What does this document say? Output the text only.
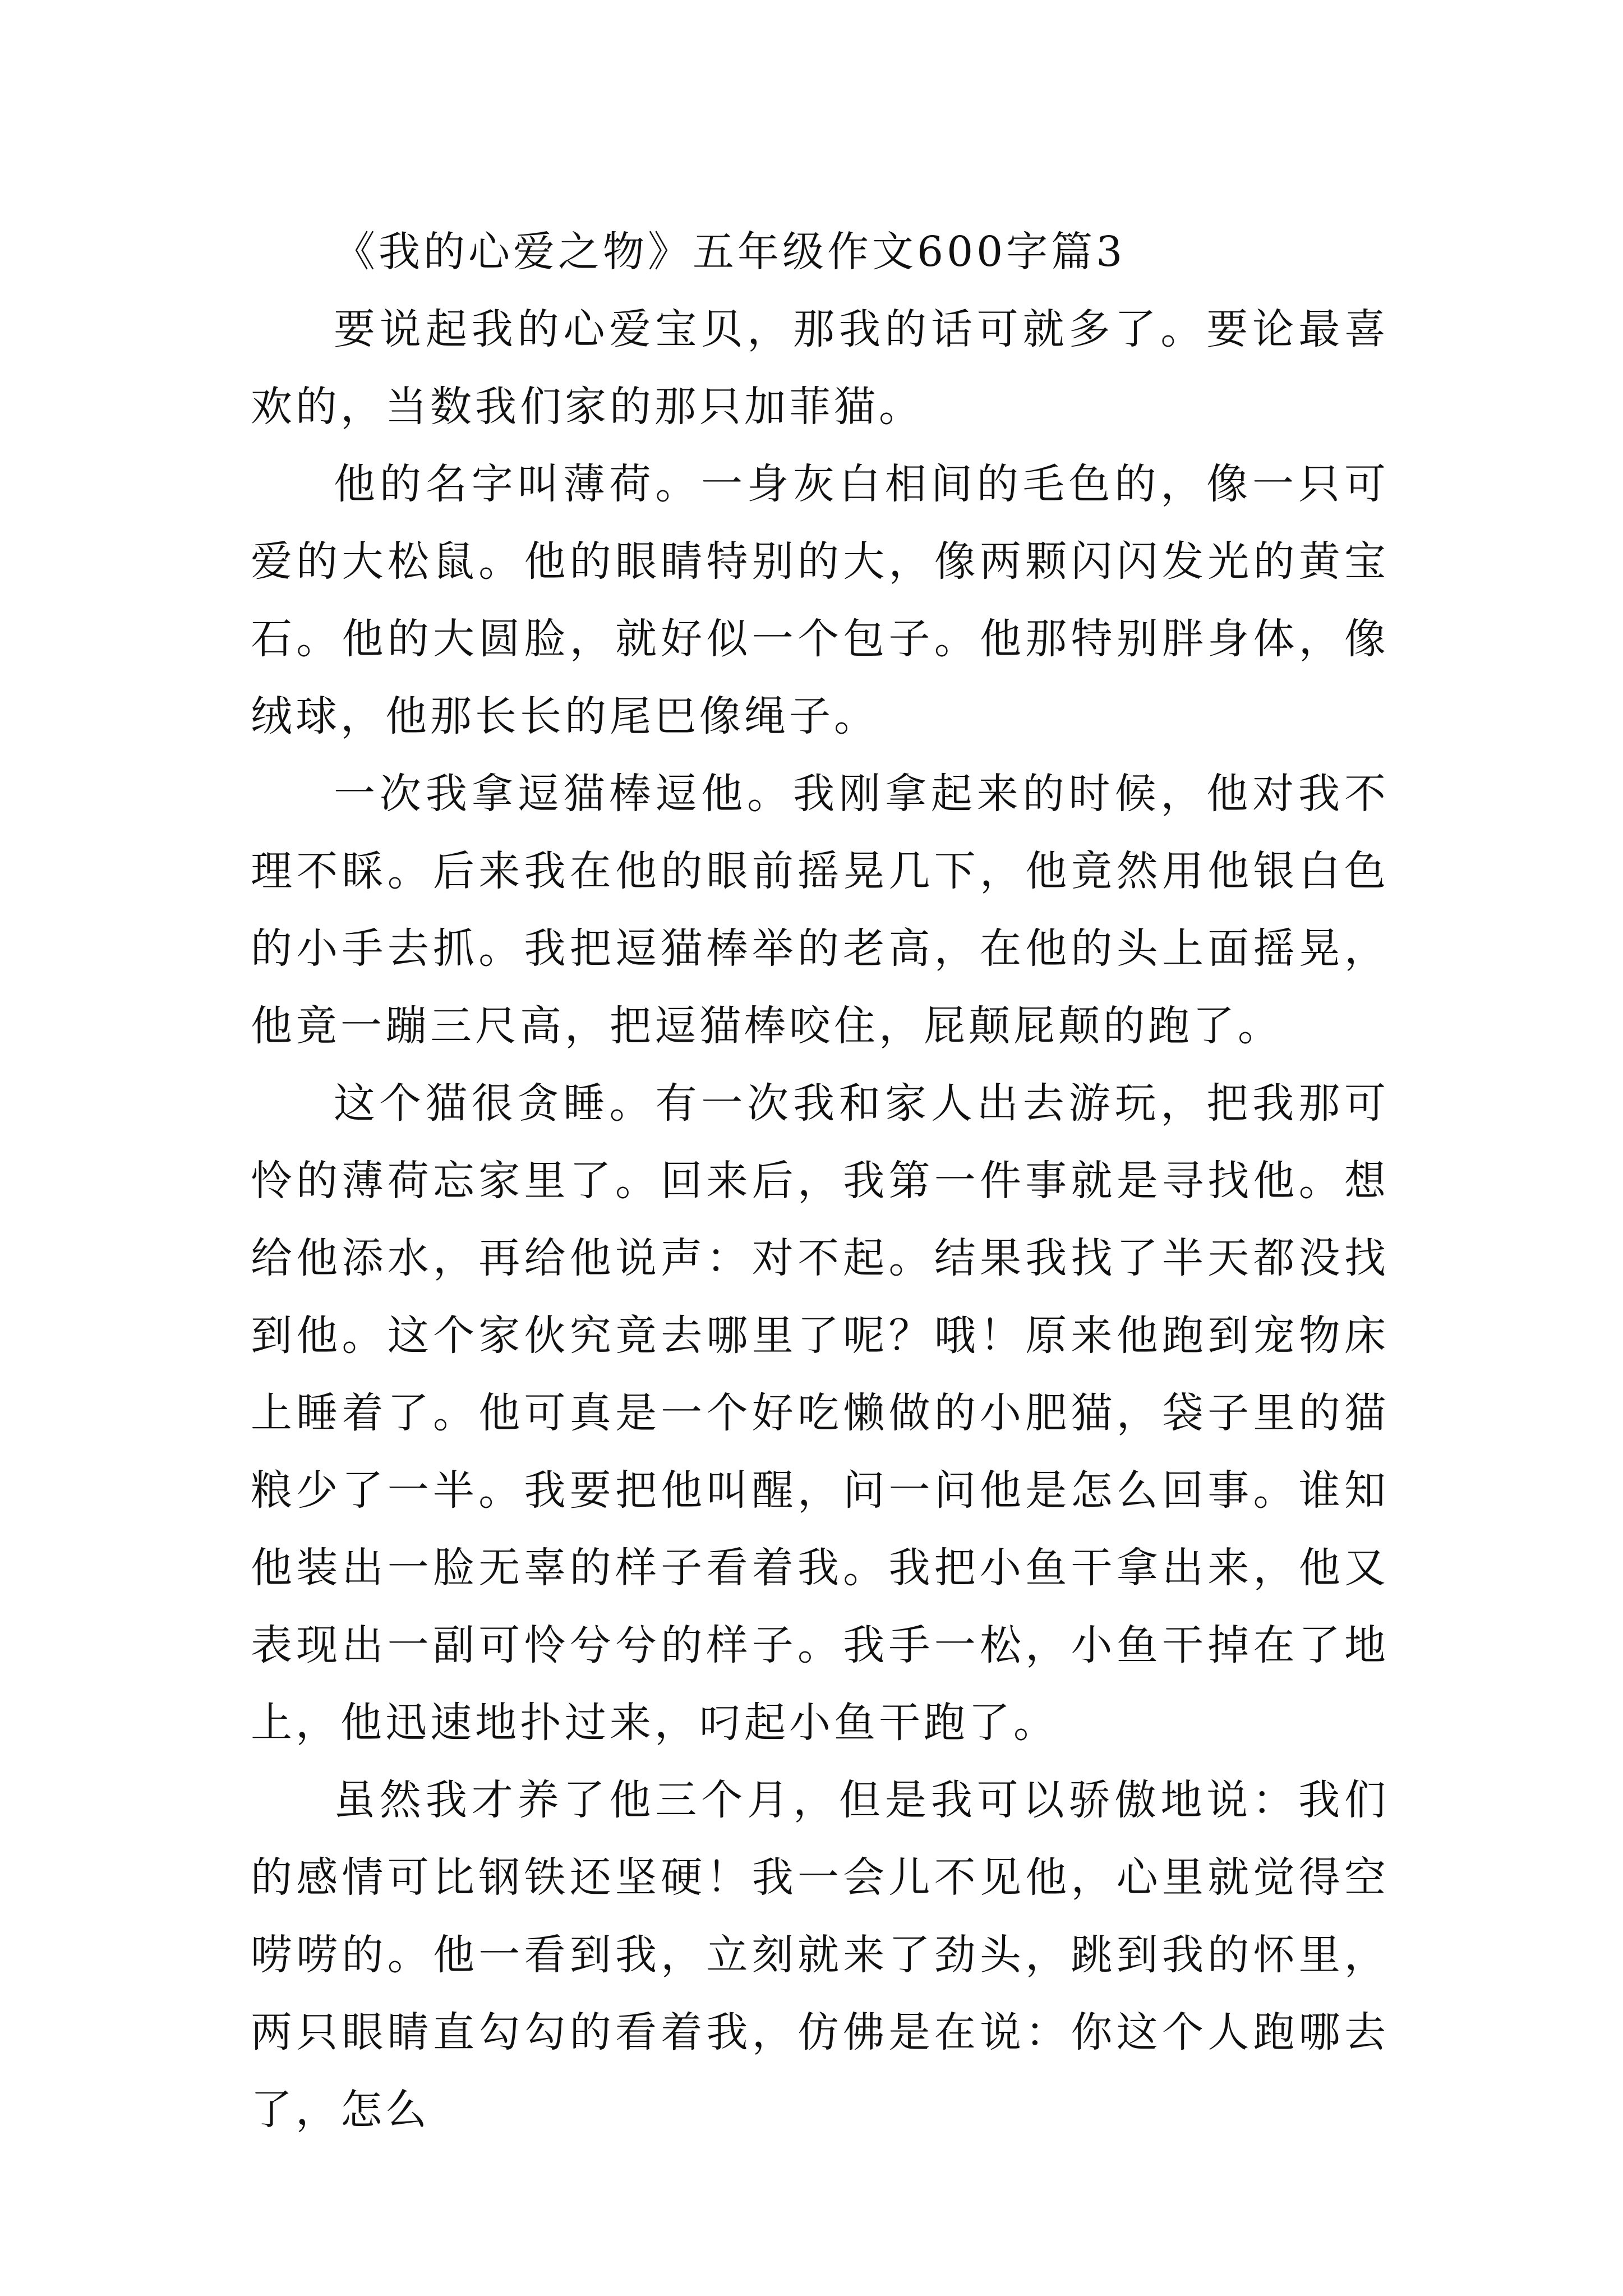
《我的心爱之物》五年级作文600字篇3

要说起我的心爱宝贝，那我的话可就多了。要论最喜欢的，当数我们家的那只加菲猫。

他的名字叫薄荷。一身灰白相间的毛色的，像一只可爱的大松鼠。他的眼睛特别的大，像两颗闪闪发光的黄宝石。他的大圆脸，就好似一个包子。他那特别胖身体，像绒球，他那长长的尾巴像绳子。

一次我拿逗猫棒逗他。我刚拿起来的时候，他对我不理不睬。后来我在他的眼前摇晃几下，他竟然用他银白色的小手去抓。我把逗猫棒举的老高，在他的头上面摇晃，他竟一蹦三尺高，把逗猫棒咬住，屁颠屁颠的跑了。

这个猫很贪睡。有一次我和家人出去游玩，把我那可怜的薄荷忘家里了。回来后，我第一件事就是寻找他。想给他添水，再给他说声：对不起。结果我找了半天都没找到他。这个家伙究竟去哪里了呢？哦！原来他跑到宠物床上睡着了。他可真是一个好吃懒做的小肥猫，袋子里的猫粮少了一半。我要把他叫醒，问一问他是怎么回事。谁知他装出一脸无辜的样子看着我。我把小鱼干拿出来，他又表现出一副可怜兮兮的样子。我手一松，小鱼干掉在了地上，他迅速地扑过来，叼起小鱼干跑了。

虽然我才养了他三个月，但是我可以骄傲地说：我们的感情可比钢铁还坚硬！我一会儿不见他，心里就觉得空唠唠的。他一看到我，立刻就来了劲头，跳到我的怀里，两只眼睛直勾勾的看着我，仿佛是在说：你这个人跑哪去了，怎么
